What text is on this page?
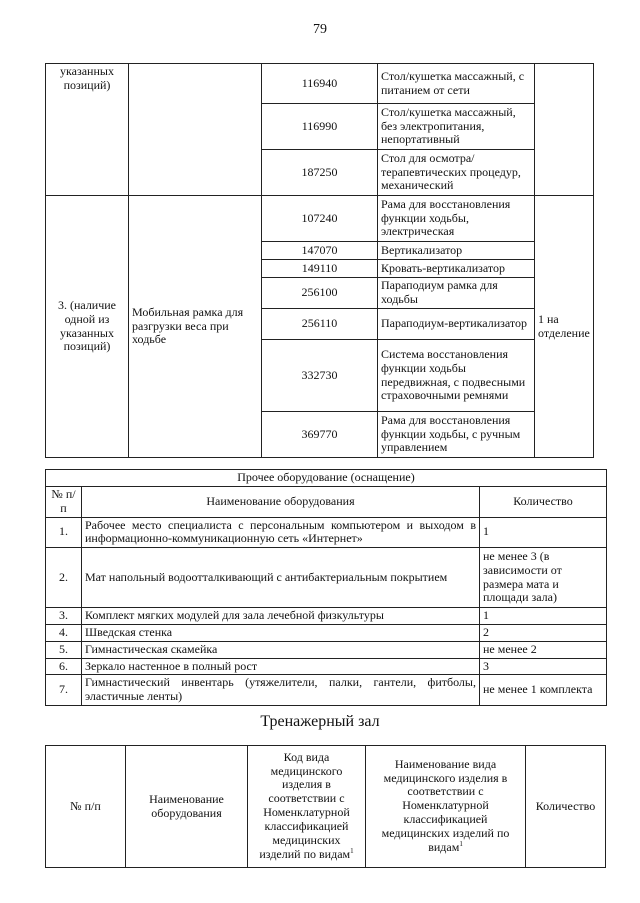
79
указанных позиций)		116940	Стол/кушетка массажный, с питанием от сети	
		116990	Стол/кушетка массажный, без электропитания, непортативный	
		187250	Стол для осмотра/ терапевтических процедур, механический	
3. (наличие одной из указанных позиций)	Мобильная рамка для разгрузки веса при ходьбе	107240	Рама для восстановления функции ходьбы, электрическая	1 на отделение
		147070	Вертикализатор	
		149110	Кровать-вертикализатор	
		256100	Параподиум рамка для ходьбы	
		256110	Параподиум-вертикализатор	
		332730	Система восстановления функции ходьбы передвижная, с подвесными страховочными ремнями	
		369770	Рама для восстановления функции ходьбы, с ручным управлением	
Прочее оборудование (оснащение)		
№ п/п	Наименование оборудования	Количество
1.	Рабочее место специалиста с персональным компьютером и выходом в информационно-коммуникационную сеть «Интернет»	1
2.	Мат напольный водоотталкивающий с антибактериальным покрытием	не менее 3 (в зависимости от размера мата и площади зала)
3.	Комплект мягких модулей для зала лечебной физкультуры	1
4.	Шведская стенка	2
5.	Гимнастическая скамейка	не менее 2
6.	Зеркало настенное в полный рост	3
7.	Гимнастический инвентарь (утяжелители, палки, гантели, фитболы, эластичные ленты)	не менее 1 комплекта
Тренажерный зал
№ п/п	Наименование оборудования	Код вида медицинского изделия в соответствии с Номенклатурной классификацией медицинских изделий по видам$^1$	Наименование вида медицинского изделия в соответствии с Номенклатурной классификацией медицинских изделий по видам$^1$	Количество
